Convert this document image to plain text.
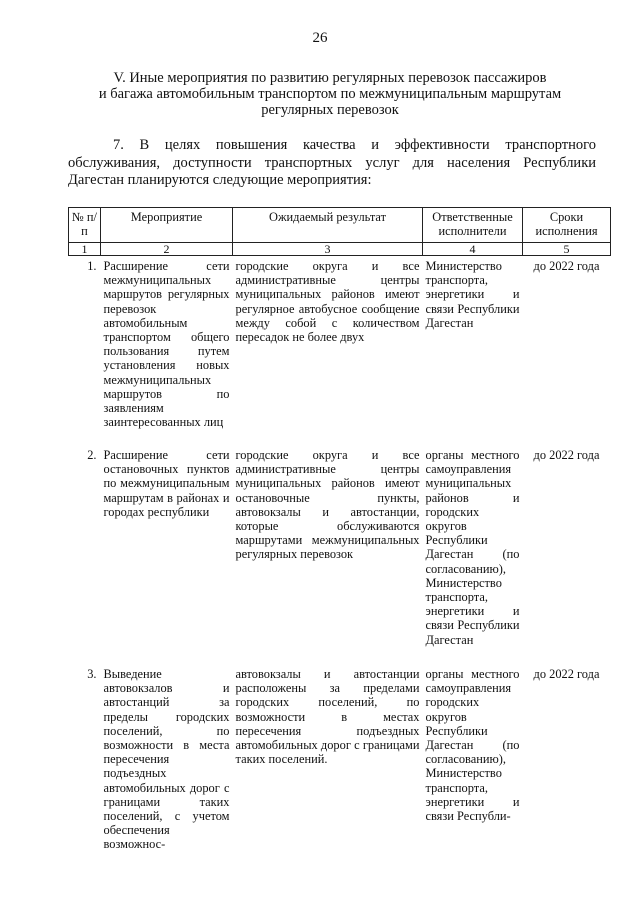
26
V. Иные мероприятия по развитию регулярных перевозок пассажиров
и багажа автомобильным транспортом по межмуниципальным маршрутам
регулярных перевозок
7. В целях повышения качества и эффективности транспортного обслуживания, доступности транспортных услуг для населения Республики Дагестан планируются следующие мероприятия:
№ п/п	Мероприятие	Ожидаемый результат	Ответственные исполнители	Сроки исполнения
1	2	3	4	5
1.	Расширение сети межмуниципальных маршрутов регулярных перевозок автомобильным транспортом общего пользования путем установления новых межмуниципальных маршрутов по заявлениям заинтересованных лиц	городские округа и все административные центры муниципальных районов имеют регулярное автобусное сообщение между собой с количеством пересадок не более двух	Министерство транспорта, энергетики и связи Республики Дагестан	до 2022 года
2.	Расширение сети остановочных пунктов по межмуниципальным маршрутам в районах и городах республики	городские округа и все административные центры муниципальных районов имеют остановочные пункты, автовокзалы и автостанции, которые обслуживаются маршрутами межмуниципальных регулярных перевозок	органы местного самоуправления муниципальных районов и городских округов Республики Дагестан (по согласованию), Министерство транспорта, энергетики и связи Республики Дагестан	до 2022 года
3.	Выведение автовокзалов и автостанций за пределы городских поселений, по возможности в места пересечения подъездных автомобильных дорог с границами таких поселений, с учетом обеспечения возможнос-	автовокзалы и автостанции расположены за пределами городских поселений, по возможности в местах пересечения подъездных автомобильных дорог с границами таких поселений.	органы местного самоуправления городских округов Республики Дагестан (по согласованию), Министерство транспорта, энергетики и связи Республи-	до 2022 года
